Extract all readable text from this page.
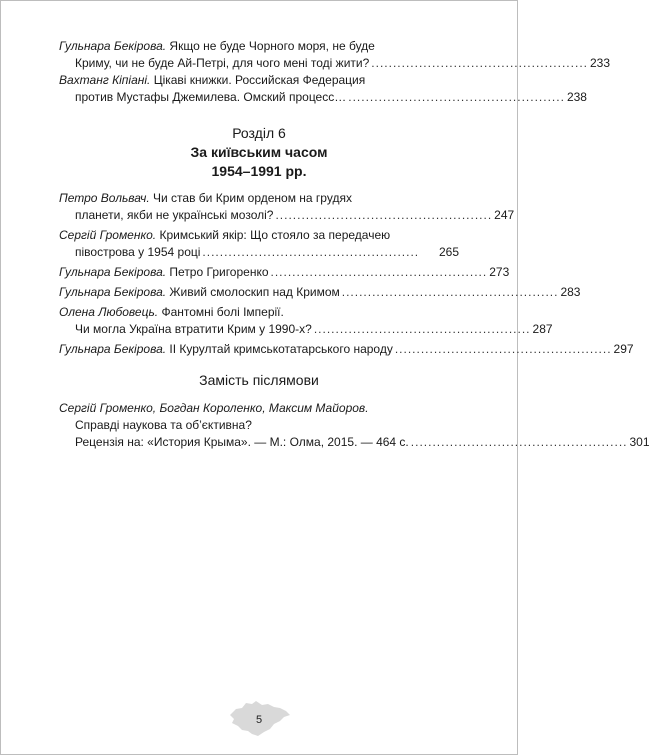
Гульнара Бекірова. Якщо не буде Чорного моря, не буде
Криму, чи не буде Ай-Петрі, для чого мені тоді жити? .................................................. 233
Вахтанг Кіпіані. Цікаві книжки. Российская Федерация
против Мустафы Джемилева. Омский процесс… .................................................. 238
Розділ 6
За київським часом
1954–1991 рр.
Петро Вольвач. Чи став би Крим орденом на грудях
планети, якби не українські мозолі? .................................................. 247
Сергій Громенко. Кримський якір: Що стояло за передачею
півострова у 1954 році ..................................................	265
Гульнара Бекірова. Петро Григоренко .................................................. 273
Гульнара Бекірова. Живий смолоскип над Кримом .................................................. 283
Олена Любовець. Фантомні болі Імперії.
Чи могла Україна втратити Крим у 1990-х? .................................................. 287
Гульнара Бекірова. II Курултай кримськотатарського народу .................................................. 297
Замість післямови
Сергій Громенко, Богдан Короленко, Максим Майоров.
Справді наукова та об’єктивна?
Рецензія на: «История Крыма». — М.: Олма, 2015. — 464 с. .................................................. 301
5
